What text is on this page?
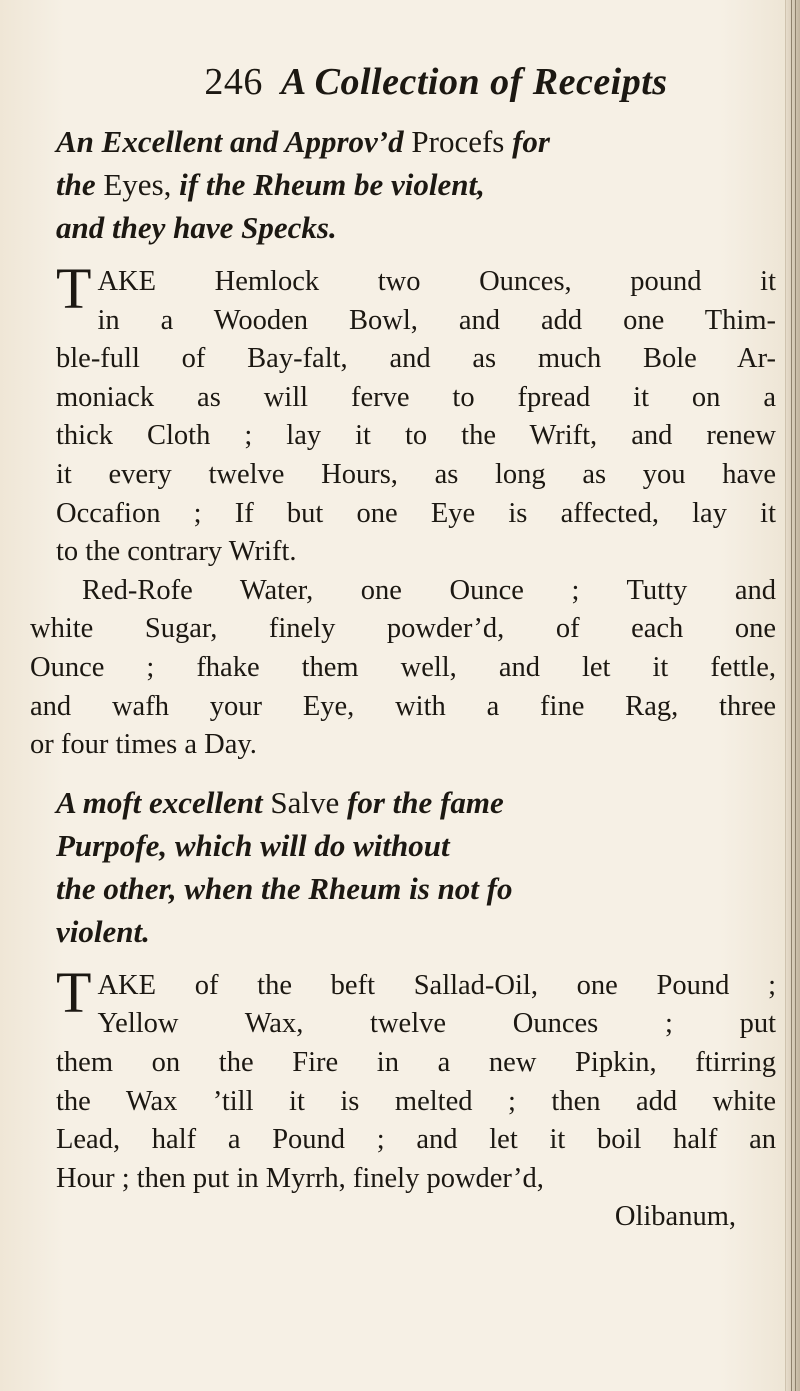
246 A Collection of Receipts
An Excellent and Approv’d Procefs for
the Eyes, if the Rheum be violent,
and they have Specks.
TAKE Hemlock two Ounces, pound it
in a Wooden Bowl, and add one Thim-
ble-full of Bay-falt, and as much Bole Ar-
moniack as will ferve to fpread it on a
thick Cloth ; lay it to the Wrift, and renew
it every twelve Hours, as long as you have
Occafion ; If but one Eye is affected, lay it
to the contrary Wrift.
Red-Rofe Water, one Ounce ; Tutty and
white Sugar, finely powder’d, of each one
Ounce ; fhake them well, and let it fettle,
and wafh your Eye, with a fine Rag, three
or four times a Day.
A moft excellent Salve for the fame
Purpofe, which will do without
the other, when the Rheum is not fo
violent.
TAKE of the beft Sallad-Oil, one Pound ;
Yellow Wax, twelve Ounces ; put
them on the Fire in a new Pipkin, ftirring
the Wax ’till it is melted ; then add white
Lead, half a Pound ; and let it boil half an
Hour ; then put in Myrrh, finely powder’d,
Olibanum,
